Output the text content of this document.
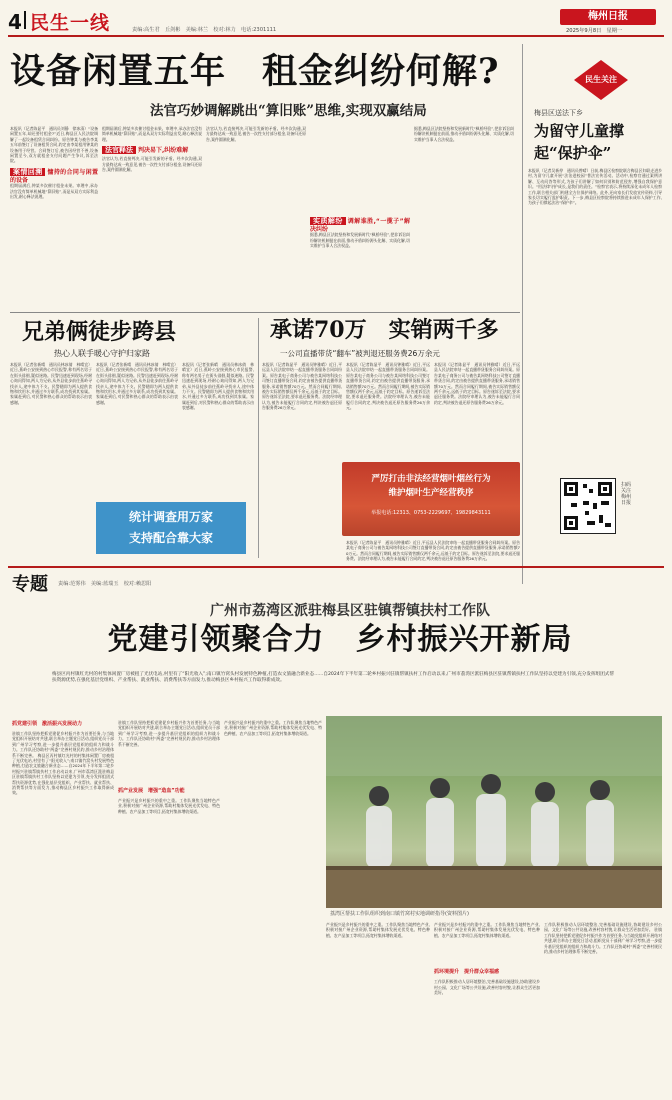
4 民生一线	责编:高生君　丘剑彬　美编:林兰　校对:林力　电话:2301111
梅州日报
2025年9月8日　星期一
设备闲置五年　租金纠纷何解?
法官巧妙调解跳出“算旧账”思维,实现双赢结局
本报讯（记者陈显平　通讯员刘静　徐冰清）“设备闲置五年,却还要付租金?”近日,梅县区人民法院调解了一起设备租赁合同纠纷。原告钟某与被告李某五年前签订了设备租赁合同,约定由李某租用钟某的设备用于经营。合同签订后,被告因经营不善,设备闲置至今,双方就租金支付问题产生争议,诉至法院。
案情回溯 慵持的合同与闲置的设备
租期届满后,钟某多次催讨租金未果。审理中,承办法官没有简单机械地“算旧账”,而是从双方实际利益出发,耐心释法说理。
租期届满后,钟某多次催讨租金未果。审理中,承办法官没有简单机械地“算旧账”,而是从双方实际利益出发,耐心释法说理。
法官释法 判决易下,纠纷难解
法官认为,若直接判决,可能引发新的矛盾。经多次沟通,双方最终达成一致意见,被告一次性支付部分租金,设备归还原告,案件圆满化解。
法官认为,若直接判决,可能引发新的矛盾。经多次沟通,双方最终达成一致意见,被告一次性支付部分租金,设备归还原告,案件圆满化解。
实质解纷 调解谁胜,“一揽子”解决纠纷
据悉,梅县区法院坚持和发展新时代“枫桥经验”,把非诉讼纠纷解决机制挺在前面,推动矛盾纠纷源头化解、实质化解,切实维护当事人合法权益。
据悉,梅县区法院坚持和发展新时代“枫桥经验”,把非诉讼纠纷解决机制挺在前面,推动矛盾纠纷源头化解、实质化解,切实维护当事人合法权益。
民生关注
梅县区送法下乡
为留守儿童撑起“保护伞”
本报讯（记者吴新停　通讯员曾晴）日前,梅县区检察院联合梅县区妇联走进乡村,为留守儿童开展“法治进校园”普法宣传活动。活动中,检察官通过案例讲解、互动问答等形式,为孩子们讲解了如何识别和防范侵害,增强自我保护意识。“用法律守护成长,是我们的责任。”检察官表示,将持续深化未成年人检察工作,联合相关部门构建全方位保护网络。此外,还向家长们发放宣传资料,引导家长切实履行监护职责。下一步,梅县区检察院将持续推进未成年人保护工作,为孩子们撑起法治“保护伞”。
扫码关注梅州日报
兄弟俩徒步跨县
热心人联手暖心守护归家路
本报讯（记者张新晴　通讯员林冰倩　林晴宜）近日,蕉岭公安接到热心市民报警,称有两名男子在街头徘徊,疑似迷路。民警迅速赶到现场,经耐心询问得知,两人为兄弟,从外县徒步前往蕉岭寻找亲人,途中体力不支。民警随即为两人提供食物和饮用水,并通过多方联系,成功找到其家属。家属赶到后,对民警和热心群众的帮助表示由衷感谢。
本报讯（记者张新晴　通讯员林冰倩　林晴宜）近日,蕉岭公安接到热心市民报警,称有两名男子在街头徘徊,疑似迷路。民警迅速赶到现场,经耐心询问得知,两人为兄弟,从外县徒步前往蕉岭寻找亲人,途中体力不支。民警随即为两人提供食物和饮用水,并通过多方联系,成功找到其家属。家属赶到后,对民警和热心群众的帮助表示由衷感谢。
本报讯（记者张新晴　通讯员林冰倩　林晴宜）近日,蕉岭公安接到热心市民报警,称有两名男子在街头徘徊,疑似迷路。民警迅速赶到现场,经耐心询问得知,两人为兄弟,从外县徒步前往蕉岭寻找亲人,途中体力不支。民警随即为两人提供食物和饮用水,并通过多方联系,成功找到其家属。家属赶到后,对民警和热心群众的帮助表示由衷感谢。
统计调查用万家
支持配合靠大家
承诺70万　实销两千多
一公司直播带货“翻车”被判退还服务费26万余元
本报讯（记者陈显平　通讯员钟雅晴）近日,平远县人民法院审结一起直播带货服务合同纠纷案。原告某电子商务公司与被告某网络科技公司签订直播带货合同,约定由被告提供直播带货服务,承诺销售额70万元。然而合同履行期间,被告实际销售额仅两千余元,远低于约定目标。原告遂诉至法院,要求退还服务费。法院经审理认为,被告未能履行合同约定,判决被告退还原告服务费26万余元。
本报讯（记者陈显平　通讯员钟雅晴）近日,平远县人民法院审结一起直播带货服务合同纠纷案。原告某电子商务公司与被告某网络科技公司签订直播带货合同,约定由被告提供直播带货服务,承诺销售额70万元。然而合同履行期间,被告实际销售额仅两千余元,远低于约定目标。原告遂诉至法院,要求退还服务费。法院经审理认为,被告未能履行合同约定,判决被告退还原告服务费26万余元。
本报讯（记者陈显平　通讯员钟雅晴）近日,平远县人民法院审结一起直播带货服务合同纠纷案。原告某电子商务公司与被告某网络科技公司签订直播带货合同,约定由被告提供直播带货服务,承诺销售额70万元。然而合同履行期间,被告实际销售额仅两千余元,远低于约定目标。原告遂诉至法院,要求退还服务费。法院经审理认为,被告未能履行合同约定,判决被告退还原告服务费26万余元。
严厉打击非法经营烟叶烟丝行为
维护烟叶生产经营秩序
举报电话:12313、0753-2229697、19829843111
本报讯（记者陈显平　通讯员钟雅晴）近日,平远县人民法院审结一起直播带货服务合同纠纷案。原告某电子商务公司与被告某网络科技公司签订直播带货合同,约定由被告提供直播带货服务,承诺销售额70万元。然而合同履行期间,被告实际销售额仅两千余元,远低于约定目标。原告遂诉至法院,要求退还服务费。法院经审理认为,被告未能履行合同约定,判决被告退还原告服务费26万余元。
专题 责编:范雾伟　美编:蓝瑞玉　校对:赖思阳
广州市荔湾区派驻梅县区驻镇帮镇扶村工作队
党建引领聚合力　乡村振兴开新局
梅县区丙村镇红光村的村集体闲置厂房被租了光伏电站,村里有了“阳光收入”;南口镇竹窝头村发展特色种植,打造农文旅融合新业态……自2024年下半年第二轮乡村振兴驻镇帮镇扶村工作启动以来,广州市荔湾区派驻梅县区驻镇帮镇扶村工作队坚持以党建为引领,充分发挥组团式帮扶资源优势,在强化基层党组织、产业帮扶、就业帮扶、消费帮扶等方面发力,推动梅县区乡村振兴工作取得新成效。
抓党建引领　激活振兴发展动力
驻镇工作队坚持把抓党建促乡村振兴作为首要任务,与当地党组织开展结对共建,联合举办主题党日活动,组织党员干部到广州学习考察,进一步提升基层党组织的组织力和战斗力。工作队还协助村“两委”完善村规民约,推动乡村治理体系不断完善。 梅县区丙村镇红光村的村集体闲置厂房被租了光伏电站,村里有了“阳光收入”;南口镇竹窝头村发展特色种植,打造农文旅融合新业态……自2024年下半年第二轮乡村振兴驻镇帮镇扶村工作启动以来,广州市荔湾区派驻梅县区驻镇帮镇扶村工作队坚持以党建为引领,充分发挥组团式帮扶资源优势,在强化基层党组织、产业帮扶、就业帮扶、消费帮扶等方面发力,推动梅县区乡村振兴工作取得新成效。
驻镇工作队坚持把抓党建促乡村振兴作为首要任务,与当地党组织开展结对共建,联合举办主题党日活动,组织党员干部到广州学习考察,进一步提升基层党组织的组织力和战斗力。工作队还协助村“两委”完善村规民约,推动乡村治理体系不断完善。
抓产业发展　增强“造血”功能
产业振兴是乡村振兴的重中之重。工作队聚焦当地特色产业,积极对接广州企业资源,帮助村集体发展光伏发电、特色种植、农产品加工等项目,拓宽村集体增收渠道。
产业振兴是乡村振兴的重中之重。工作队聚焦当地特色产业,积极对接广州企业资源,帮助村集体发展光伏发电、特色种植、农产品加工等项目,拓宽村集体增收渠道。
荔湾区帮扶工作队组织到南口镇竹窝村实地调研指导(资料图片)
产业振兴是乡村振兴的重中之重。工作队聚焦当地特色产业,积极对接广州企业资源,帮助村集体发展光伏发电、特色种植、农产品加工等项目,拓宽村集体增收渠道。
产业振兴是乡村振兴的重中之重。工作队聚焦当地特色产业,积极对接广州企业资源,帮助村集体发展光伏发电、特色种植、农产品加工等项目,拓宽村集体增收渠道。
抓环境提升　提升群众幸福感
工作队积极推动人居环境整治,完善基础设施建设,协助建设乡村公园、文化广场等公共设施,改善村容村貌,让群众生活更加美好。
工作队积极推动人居环境整治,完善基础设施建设,协助建设乡村公园、文化广场等公共设施,改善村容村貌,让群众生活更加美好。 驻镇工作队坚持把抓党建促乡村振兴作为首要任务,与当地党组织开展结对共建,联合举办主题党日活动,组织党员干部到广州学习考察,进一步提升基层党组织的组织力和战斗力。工作队还协助村“两委”完善村规民约,推动乡村治理体系不断完善。
